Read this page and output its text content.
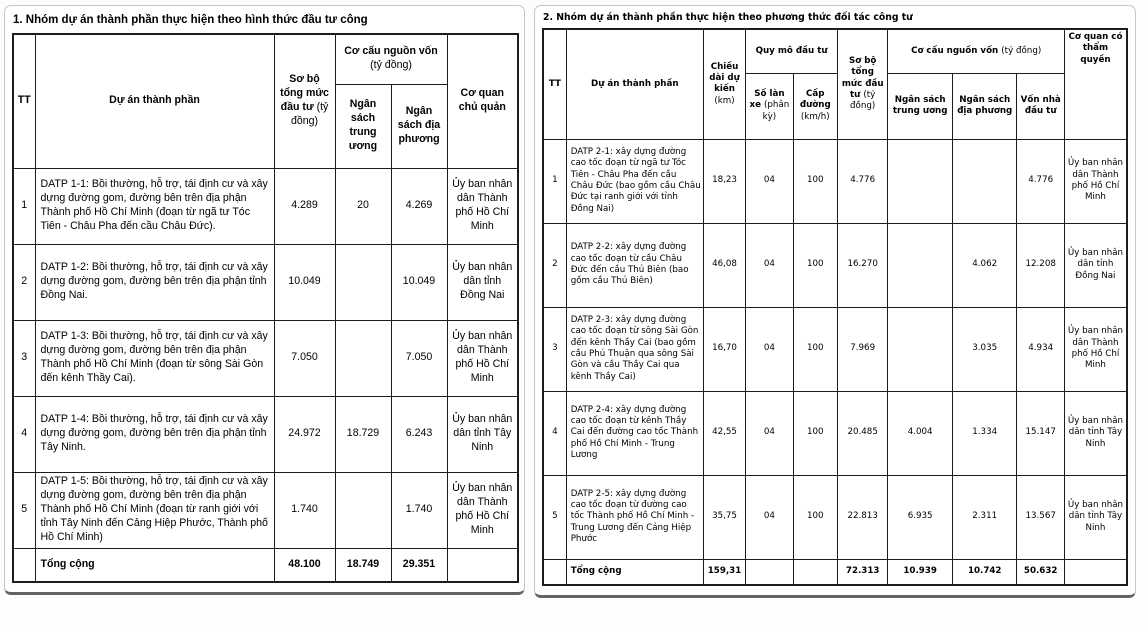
1. Nhóm dự án thành phần thực hiện theo hình thức đầu tư công
TT	Dự án thành phần	Sơ bộ tổng mức đầu tư (tỷ đồng)	Cơ cấu nguồn vốn (tỷ đồng)		Cơ quan chủ quản
			Ngân sách trung ương	Ngân sách địa phương	
1	DATP 1-1: Bồi thường, hỗ trợ, tái định cư và xây dựng đường gom, đường bên trên địa phận Thành phố Hồ Chí Minh (đoạn từ ngã tư Tóc Tiên - Châu Pha đến cầu Châu Đức).	4.289	20	4.269	Ủy ban nhân dân Thành phố Hồ Chí Minh
2	DATP 1-2: Bồi thường, hỗ trợ, tái định cư và xây dựng đường gom, đường bên trên địa phận tỉnh Đồng Nai.	10.049		10.049	Ủy ban nhân dân tỉnh Đồng Nai
3	DATP 1-3: Bồi thường, hỗ trợ, tái định cư và xây dựng đường gom, đường bên trên địa phận Thành phố Hồ Chí Minh (đoạn từ sông Sài Gòn đến kênh Thầy Cai).	7.050		7.050	Ủy ban nhân dân Thành phố Hồ Chí Minh
4	DATP 1-4: Bồi thường, hỗ trợ, tái định cư và xây dựng đường gom, đường bên trên địa phận tỉnh Tây Ninh.	24.972	18.729	6.243	Ủy ban nhân dân tỉnh Tây Ninh
5	DATP 1-5: Bồi thường, hỗ trợ, tái định cư và xây dựng đường gom, đường bên trên địa phận Thành phố Hồ Chí Minh (đoạn từ ranh giới với tỉnh Tây Ninh đến Cảng Hiệp Phước, Thành phố Hồ Chí Minh)	1.740		1.740	Ủy ban nhân dân Thành phố Hồ Chí Minh
	Tổng cộng	48.100	18.749	29.351	
2. Nhóm dự án thành phần thực hiện theo phương thức đối tác công tư
TT	Dự án thành phần	Chiều dài dự kiến (km)	Quy mô đầu tư		Sơ bộ tổng mức đầu tư (tỷ đồng)	Cơ cấu nguồn vốn (tỷ đồng)			Cơ quan có thẩm quyền
			Số làn xe (phân kỳ)	Cấp đường (km/h)		Ngân sách trung ương	Ngân sách địa phương	Vốn nhà đầu tư	
1	DATP 2-1: xây dựng đường cao tốc đoạn từ ngã tư Tóc Tiên - Châu Pha đến cầu Châu Đức (bao gồm cầu Châu Đức tại ranh giới với tỉnh Đồng Nai)	18,23	04	100	4.776			4.776	Ủy ban nhân dân Thành phố Hồ Chí Minh
2	DATP 2-2: xây dựng đường cao tốc đoạn từ cầu Châu Đức đến cầu Thủ Biên (bao gồm cầu Thủ Biên)	46,08	04	100	16.270		4.062	12.208	Ủy ban nhân dân tỉnh Đồng Nai
3	DATP 2-3: xây dựng đường cao tốc đoạn từ sông Sài Gòn đến kênh Thầy Cai (bao gồm cầu Phú Thuận qua sông Sài Gòn và cầu Thầy Cai qua kênh Thầy Cai)	16,70	04	100	7.969		3.035	4.934	Ủy ban nhân dân Thành phố Hồ Chí Minh
4	DATP 2-4: xây dựng đường cao tốc đoạn từ kênh Thầy Cai đến đường cao tốc Thành phố Hồ Chí Minh - Trung Lương	42,55	04	100	20.485	4.004	1.334	15.147	Ủy ban nhân dân tỉnh Tây Ninh
5	DATP 2-5: xây dựng đường cao tốc đoạn từ đường cao tốc Thành phố Hồ Chí Minh - Trung Lương đến Cảng Hiệp Phước	35,75	04	100	22.813	6.935	2.311	13.567	Ủy ban nhân dân tỉnh Tây Ninh
	Tổng cộng	159,31			72.313	10.939	10.742	50.632	
